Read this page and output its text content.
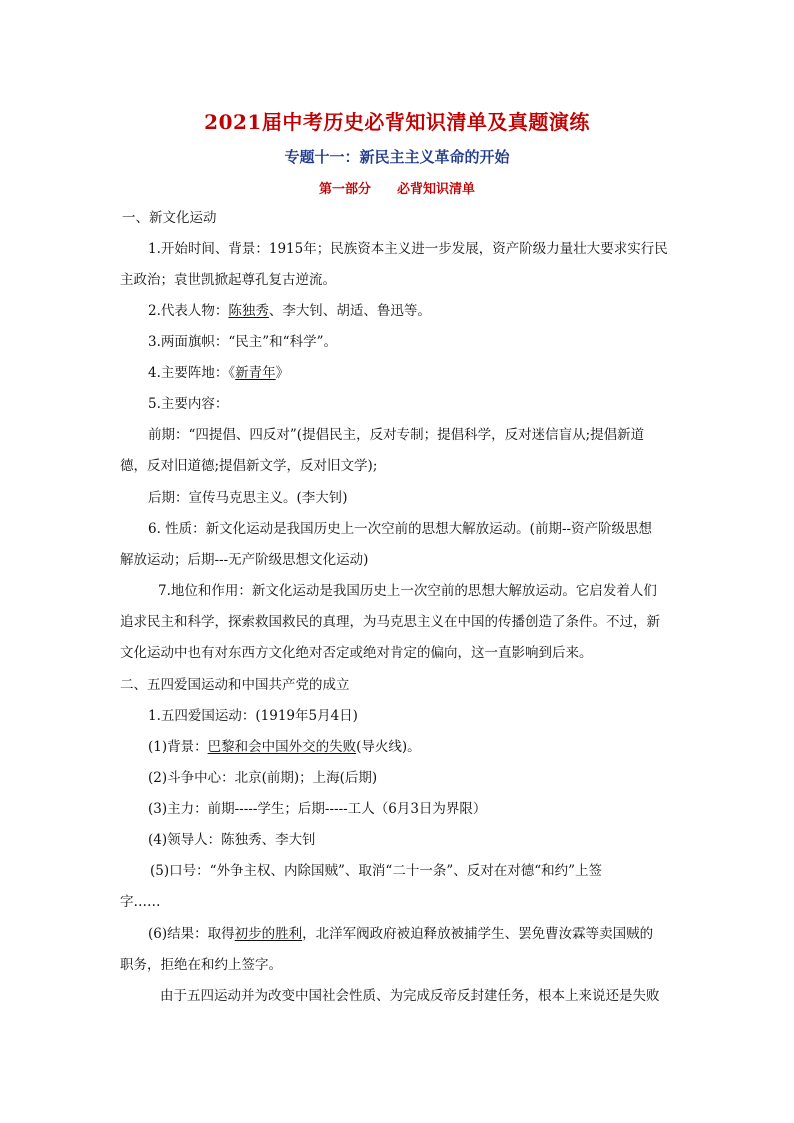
2021届中考历史必背知识清单及真题演练
专题十一：新民主主义革命的开始
第一部分 必背知识清单
一、新文化运动
1.开始时间、背景：1915年；民族资本主义进一步发展，资产阶级力量壮大要求实行民
主政治；袁世凯掀起尊孔复古逆流。
2.代表人物：陈独秀、李大钊、胡适、鲁迅等。
3.两面旗帜：“民主”和“科学”。
4.主要阵地：《新青年》
5.主要内容：
前期：“四提倡、四反对”(提倡民主，反对专制；提倡科学，反对迷信盲从;提倡新道
德，反对旧道德;提倡新文学，反对旧文学);
后期：宣传马克思主义。(李大钊)
6. 性质：新文化运动是我国历史上一次空前的思想大解放运动。(前期--资产阶级思想
解放运动；后期---无产阶级思想文化运动)
7.地位和作用：新文化运动是我国历史上一次空前的思想大解放运动。它启发着人们
追求民主和科学，探索救国救民的真理，为马克思主义在中国的传播创造了条件。不过，新
文化运动中也有对东西方文化绝对否定或绝对肯定的偏向，这一直影响到后来。
二、五四爱国运动和中国共产党的成立
1.五四爱国运动：(1919年5月4日)
(1)背景：巴黎和会中国外交的失败(导火线)。
(2)斗争中心：北京(前期)；上海(后期)
(3)主力：前期-----学生；后期-----工人（6月3日为界限）
(4)领导人：陈独秀、李大钊
(5)口号：“外争主权、内除国贼”、取消“二十一条”、反对在对德“和约”上签
字……
(6)结果：取得初步的胜利，北洋军阀政府被迫释放被捕学生、罢免曹汝霖等卖国贼的
职务，拒绝在和约上签字。
由于五四运动并为改变中国社会性质、为完成反帝反封建任务，根本上来说还是失败
